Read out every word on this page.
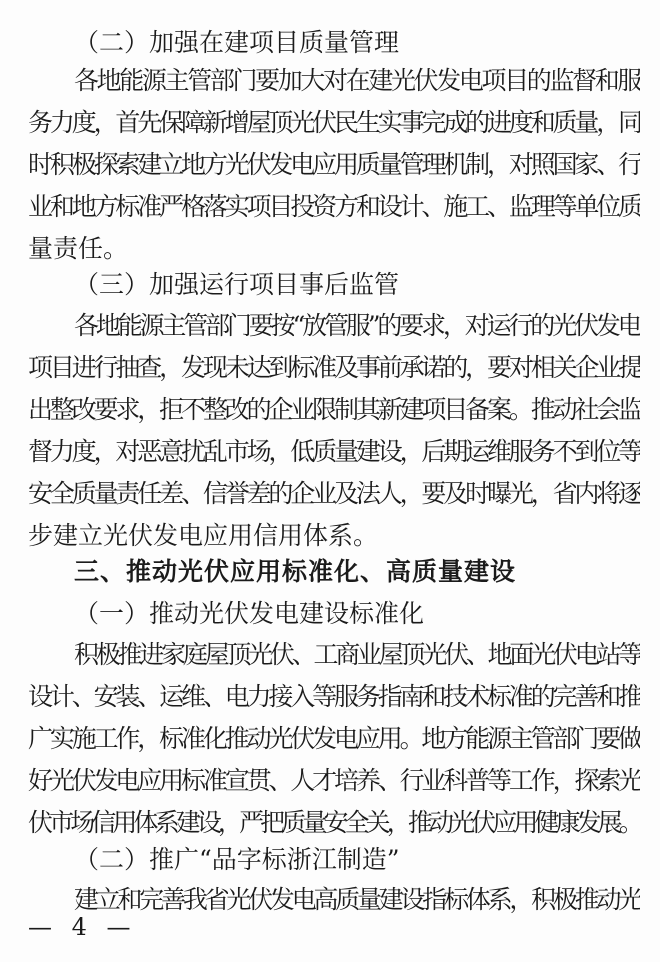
（二）加强在建项目质量管理
各地能源主管部门要加大对在建光伏发电项目的监督和服
务力度，首先保障新增屋顶光伏民生实事完成的进度和质量，同
时积极探索建立地方光伏发电应用质量管理机制，对照国家、行
业和地方标准严格落实项目投资方和设计、施工、监理等单位质
量责任。
（三）加强运行项目事后监管
各地能源主管部门要按“放管服”的要求，对运行的光伏发电
项目进行抽查，发现未达到标准及事前承诺的，要对相关企业提
出整改要求，拒不整改的企业限制其新建项目备案。推动社会监
督力度，对恶意扰乱市场，低质量建设，后期运维服务不到位等
安全质量责任差、信誉差的企业及法人，要及时曝光，省内将逐
步建立光伏发电应用信用体系。
三、推动光伏应用标准化、高质量建设
（一）推动光伏发电建设标准化
积极推进家庭屋顶光伏、工商业屋顶光伏、地面光伏电站等
设计、安装、运维、电力接入等服务指南和技术标准的完善和推
广实施工作，标准化推动光伏发电应用。地方能源主管部门要做
好光伏发电应用标准宣贯、人才培养、行业科普等工作，探索光
伏市场信用体系建设，严把质量安全关，推动光伏应用健康发展。
（二）推广“品字标浙江制造”
建立和完善我省光伏发电高质量建设指标体系，积极推动光
— 4 —
